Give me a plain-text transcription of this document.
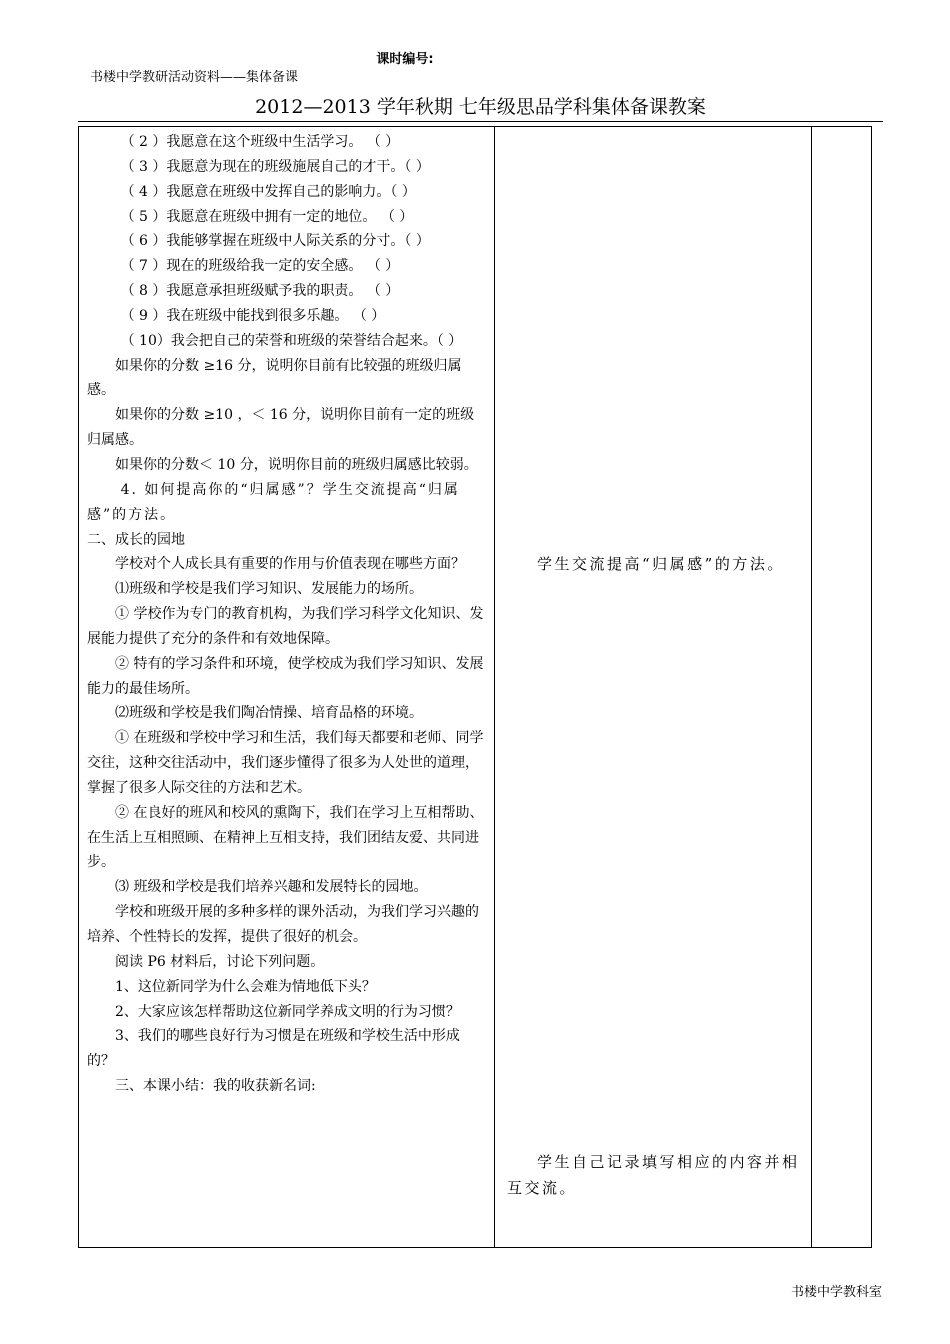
课时编号:
书楼中学教研活动资料——集体备课
2012—2013 学年秋期 七年级思品学科集体备课教案

（ 2 ）我愿意在这个班级中生活学习。 （ ）

（ 3 ）我愿意为现在的班级施展自己的才干。（ ）

（ 4 ）我愿意在班级中发挥自己的影响力。（ ）

（ 5 ）我愿意在班级中拥有一定的地位。 （ ）

（ 6 ）我能够掌握在班级中人际关系的分寸。（ ）

（ 7 ）现在的班级给我一定的安全感。 （ ）

（ 8 ）我愿意承担班级赋予我的职责。 （ ）

（ 9 ）我在班级中能找到很多乐趣。 （ ）

（ 10）我会把自己的荣誉和班级的荣誉结合起来。（ ）

如果你的分数 ≥16 分，说明你目前有比较强的班级归属感。

如果你的分数 ≥10 ，＜ 16 分，说明你目前有一定的班级归属感。

如果你的分数＜ 10 分，说明你目前的班级归属感比较弱。

4. 如何提高你的“归属感”？学生交流提高“归属感”的方法。

二、成长的园地

学校对个人成长具有重要的作用与价值表现在哪些方面？

⑴班级和学校是我们学习知识、发展能力的场所。

① 学校作为专门的教育机构，为我们学习科学文化知识、发展能力提供了充分的条件和有效地保障。

② 特有的学习条件和环境，使学校成为我们学习知识、发展能力的最佳场所。

⑵班级和学校是我们陶冶情操、培育品格的环境。

① 在班级和学校中学习和生活，我们每天都要和老师、同学交往，这种交往活动中，我们逐步懂得了很多为人处世的道理，掌握了很多人际交往的方法和艺术。

② 在良好的班风和校风的熏陶下，我们在学习上互相帮助、在生活上互相照顾、在精神上互相支持，我们团结友爱、共同进步。

⑶ 班级和学校是我们培养兴趣和发展特长的园地。

学校和班级开展的多种多样的课外活动，为我们学习兴趣的培养、个性特长的发挥，提供了很好的机会。

阅读 P6 材料后，讨论下列问题。

1、这位新同学为什么会难为情地低下头？

2、大家应该怎样帮助这位新同学养成文明的行为习惯？

3、我们的哪些良好行为习惯是在班级和学校生活中形成的？

三、本课小结：我的收获新名词:

学生交流提高“归属感”的方法。

学生自己记录填写相应的内容并相互交流。

书楼中学教科室
